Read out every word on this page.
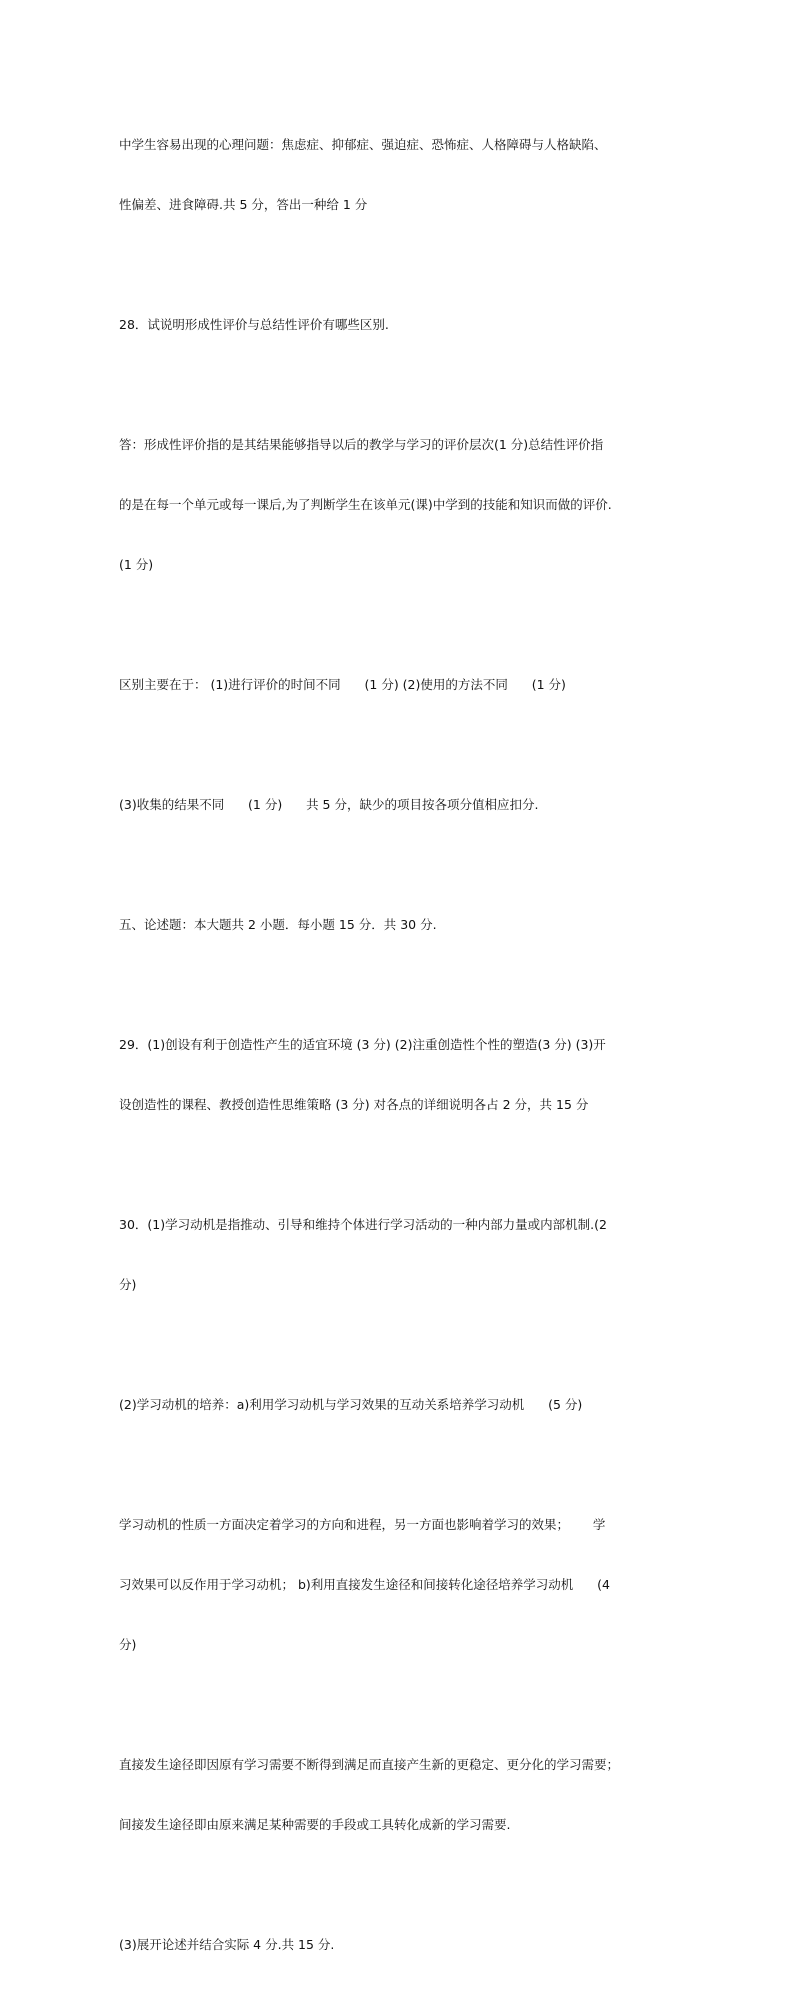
中学生容易出现的心理问题：焦虑症、抑郁症、强迫症、恐怖症、人格障碍与人格缺陷、

性偏差、进食障碍.共 5 分，答出一种给 1 分

28．试说明形成性评价与总结性评价有哪些区别.

答：形成性评价指的是其结果能够指导以后的教学与学习的评价层次(1 分)总结性评价指

的是在每一个单元或每一课后,为了判断学生在该单元(课)中学到的技能和知识而做的评价.

(1 分)

区别主要在于： (1)进行评价的时间不同      (1 分) (2)使用的方法不同      (1 分)

(3)收集的结果不同      (1 分)      共 5 分，缺少的项目按各项分值相应扣分.

五、论述题：本大题共 2 小题．每小题 15 分．共 30 分.

29．(1)创设有利于创造性产生的适宜环境 (3 分) (2)注重创造性个性的塑造(3 分) (3)开

设创造性的课程、教授创造性思维策略 (3 分) 对各点的详细说明各占 2 分，共 15 分

30．(1)学习动机是指推动、引导和维持个体进行学习活动的一种内部力量或内部机制.(2

分)

(2)学习动机的培养：a)利用学习动机与学习效果的互动关系培养学习动机      (5 分)

学习动机的性质一方面决定着学习的方向和进程，另一方面也影响着学习的效果；      学

习效果可以反作用于学习动机； b)利用直接发生途径和间接转化途径培养学习动机      (4

分)

直接发生途径即因原有学习需要不断得到满足而直接产生新的更稳定、更分化的学习需要；

间接发生途径即由原来满足某种需要的手段或工具转化成新的学习需要.

(3)展开论述并结合实际 4 分.共 15 分.
